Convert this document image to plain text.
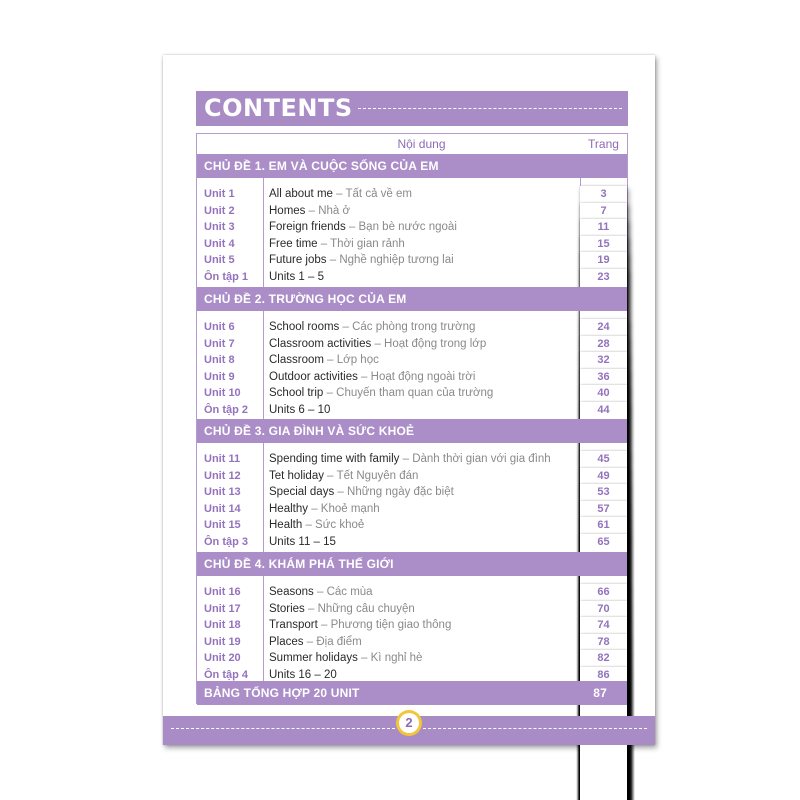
CONTENTS
Nội dung	Trang
CHỦ ĐỀ 1. EM VÀ CUỘC SỐNG CỦA EM
Unit 1	All about me – Tất cả về em	3
Unit 2	Homes – Nhà ở	7
Unit 3	Foreign friends – Bạn bè nước ngoài	11
Unit 4	Free time – Thời gian rảnh	15
Unit 5	Future jobs – Nghề nghiệp tương lai	19
Ôn tập 1 Units 1 – 5	23
CHỦ ĐỀ 2. TRƯỜNG HỌC CỦA EM
Unit 6	School rooms – Các phòng trong trường	24
Unit 7	Classroom activities – Hoạt động trong lớp	28
Unit 8	Classroom – Lớp học	32
Unit 9	Outdoor activities – Hoạt động ngoài trời	36
Unit 10 School trip – Chuyến tham quan của trường	40
Ôn tập 2 Units 6 – 10	44
CHỦ ĐỀ 3. GIA ĐÌNH VÀ SỨC KHOẺ
Unit 11	Spending time with family – Dành thời gian với gia đình	45
Unit 12 Tet holiday – Tết Nguyên đán	49
Unit 13 Special days – Những ngày đặc biệt	53
Unit 14 Healthy – Khoẻ mạnh	57
Unit 15 Health – Sức khoẻ	61
Ôn tập 3 Units 11 – 15	65
CHỦ ĐỀ 4. KHÁM PHÁ THẾ GIỚI
Unit 16 Seasons – Các mùa	66
Unit 17 Stories – Những câu chuyện	70
Unit 18 Transport – Phương tiện giao thông	74
Unit 19 Places – Địa điểm	78
Unit 20 Summer holidays – Kì nghỉ hè	82
Ôn tập 4 Units 16 – 20	86
BẢNG TỔNG HỢP 20 UNIT	87
2
